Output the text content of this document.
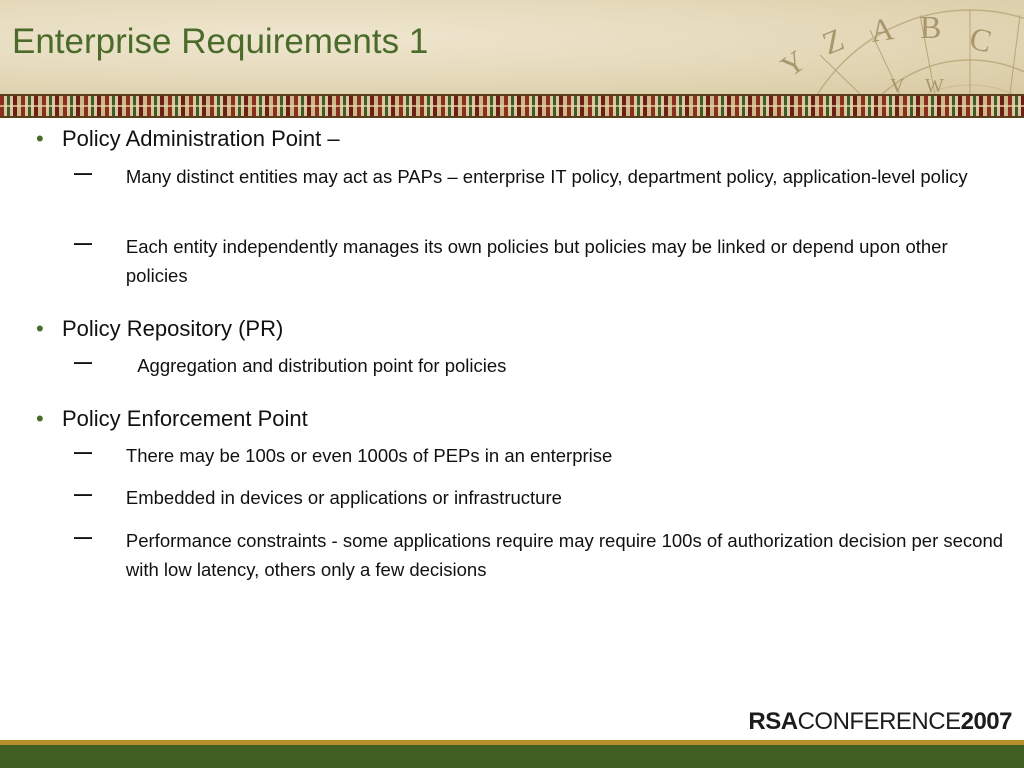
Enterprise Requirements 1
Y
Z A B C
V W
• Policy Administration Point –
—	Many distinct entities may act as PAPs – enterprise IT policy, department policy, application-level policy
—	Each entity independently manages its own policies but policies may be linked or depend upon other policies
• Policy Repository (PR)
—	Aggregation and distribution point for policies
• Policy Enforcement Point
—	There may be 100s or even 1000s of PEPs in an enterprise
—	Embedded in devices or applications or infrastructure
—	Performance constraints - some applications require may require 100s of authorization decision per second with low latency, others only a few decisions
RSACONFERENCE2007
